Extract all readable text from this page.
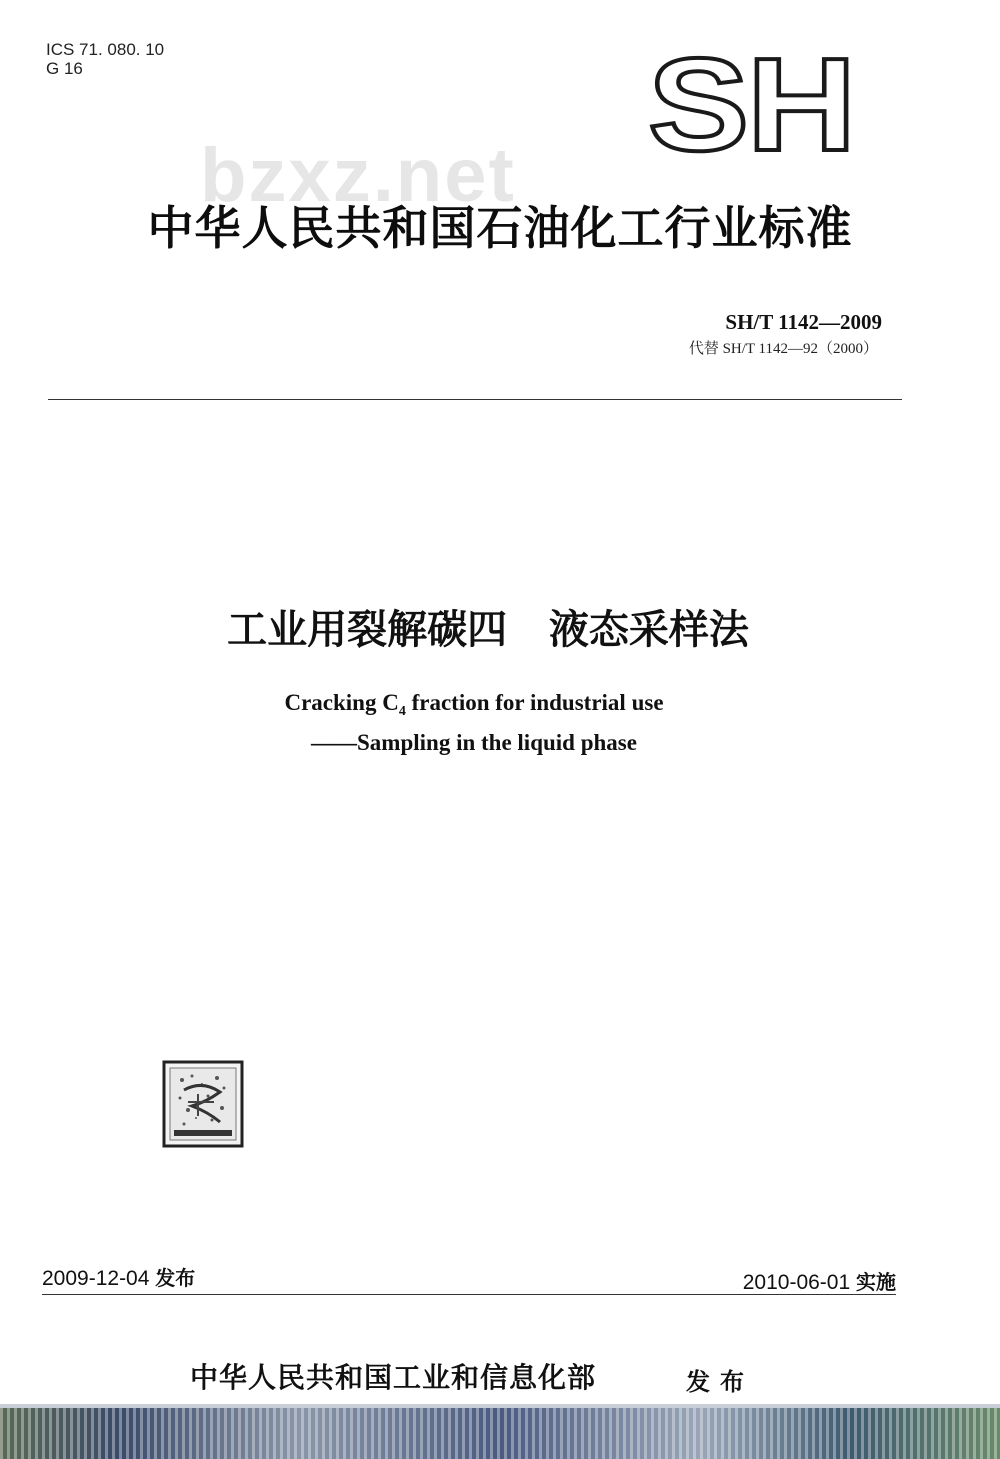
ICS 71. 080. 10
G 16	SH
bzxz.net
中华人民共和国石油化工行业标准
SH/T 1142—2009
代替 SH/T 1142—92（2000）
工业用裂解碳四 液态采样法
Cracking $C_4$ fraction for industrial use
——Sampling in the liquid phase
2009-12-04 发布	2010-06-01 实施
中华人民共和国工业和信息化部	发布
